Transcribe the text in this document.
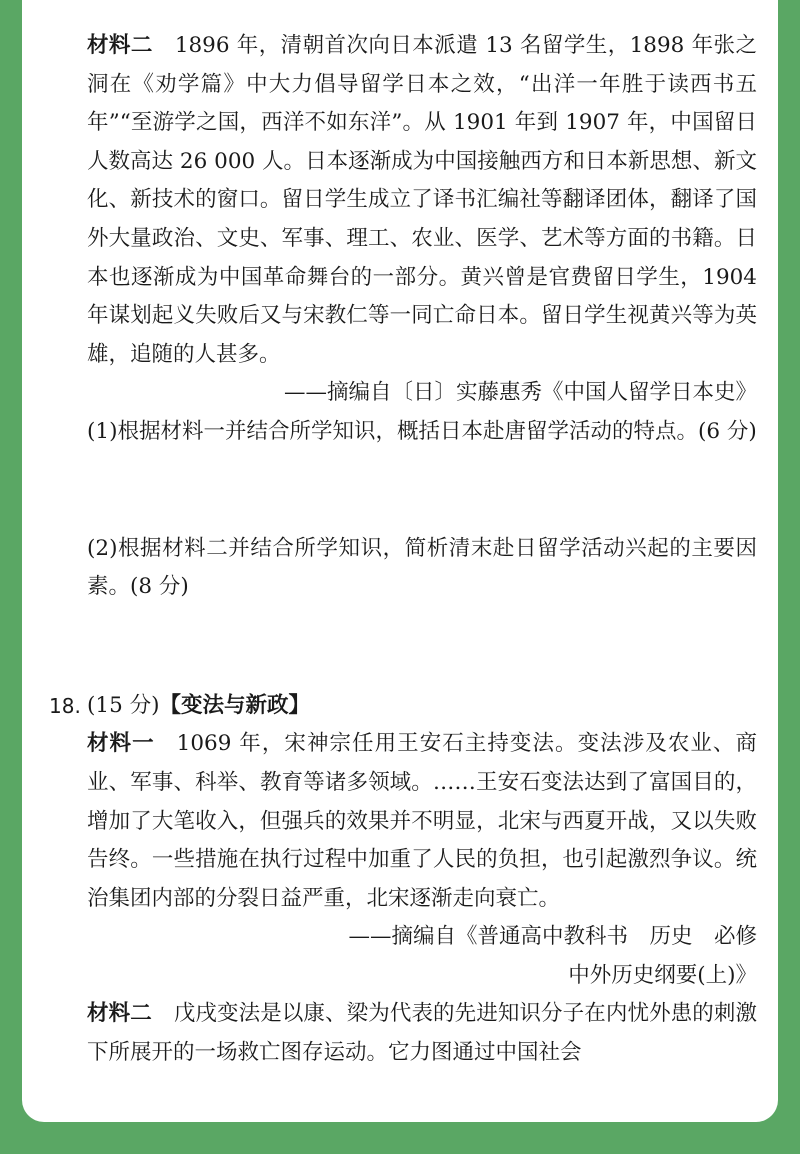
材料二 1896 年，清朝首次向日本派遣 13 名留学生，1898 年张之洞在《劝学篇》中大力倡导留学日本之效，“出洋一年胜于读西书五年”“至游学之国，西洋不如东洋”。从 1901 年到 1907 年，中国留日人数高达 26 000 人。日本逐渐成为中国接触西方和日本新思想、新文化、新技术的窗口。留日学生成立了译书汇编社等翻译团体，翻译了国外大量政治、文史、军事、理工、农业、医学、艺术等方面的书籍。日本也逐渐成为中国革命舞台的一部分。黄兴曾是官费留日学生，1904 年谋划起义失败后又与宋教仁等一同亡命日本。留日学生视黄兴等为英雄，追随的人甚多。

——摘编自〔日〕实藤惠秀《中国人留学日本史》

(1)根据材料一并结合所学知识，概括日本赴唐留学活动的特点。(6 分)

(2)根据材料二并结合所学知识，简析清末赴日留学活动兴起的主要因素。(8 分)

18. (15 分)【变法与新政】

材料一 1069 年，宋神宗任用王安石主持变法。变法涉及农业、商业、军事、科举、教育等诸多领域。……王安石变法达到了富国目的，增加了大笔收入，但强兵的效果并不明显，北宋与西夏开战，又以失败告终。一些措施在执行过程中加重了人民的负担，也引起激烈争议。统治集团内部的分裂日益严重，北宋逐渐走向衰亡。

——摘编自《普通高中教科书　历史　必修

中外历史纲要(上)》

材料二 戊戌变法是以康、梁为代表的先进知识分子在内忧外患的刺激下所展开的一场救亡图存运动。它力图通过中国社会
